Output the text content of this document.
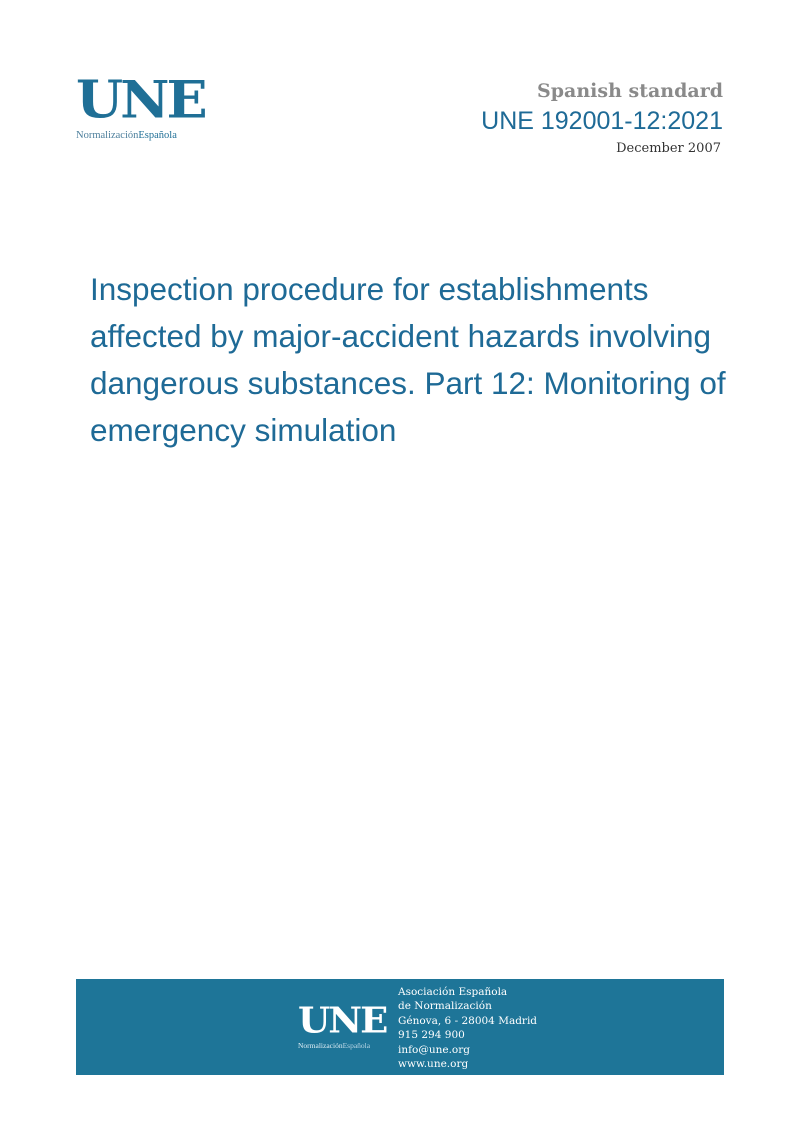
UNE
NormalizaciónEspañola
Spanish standard
UNE 192001-12:2021
December 2007
Inspection procedure for establishments affected by major-accident hazards involving dangerous substances. Part 12: Monitoring of emergency simulation
UNE
NormalizaciónEspañola
Asociación Española
de Normalización
Génova, 6 - 28004 Madrid
915 294 900
info@une.org
www.une.org
